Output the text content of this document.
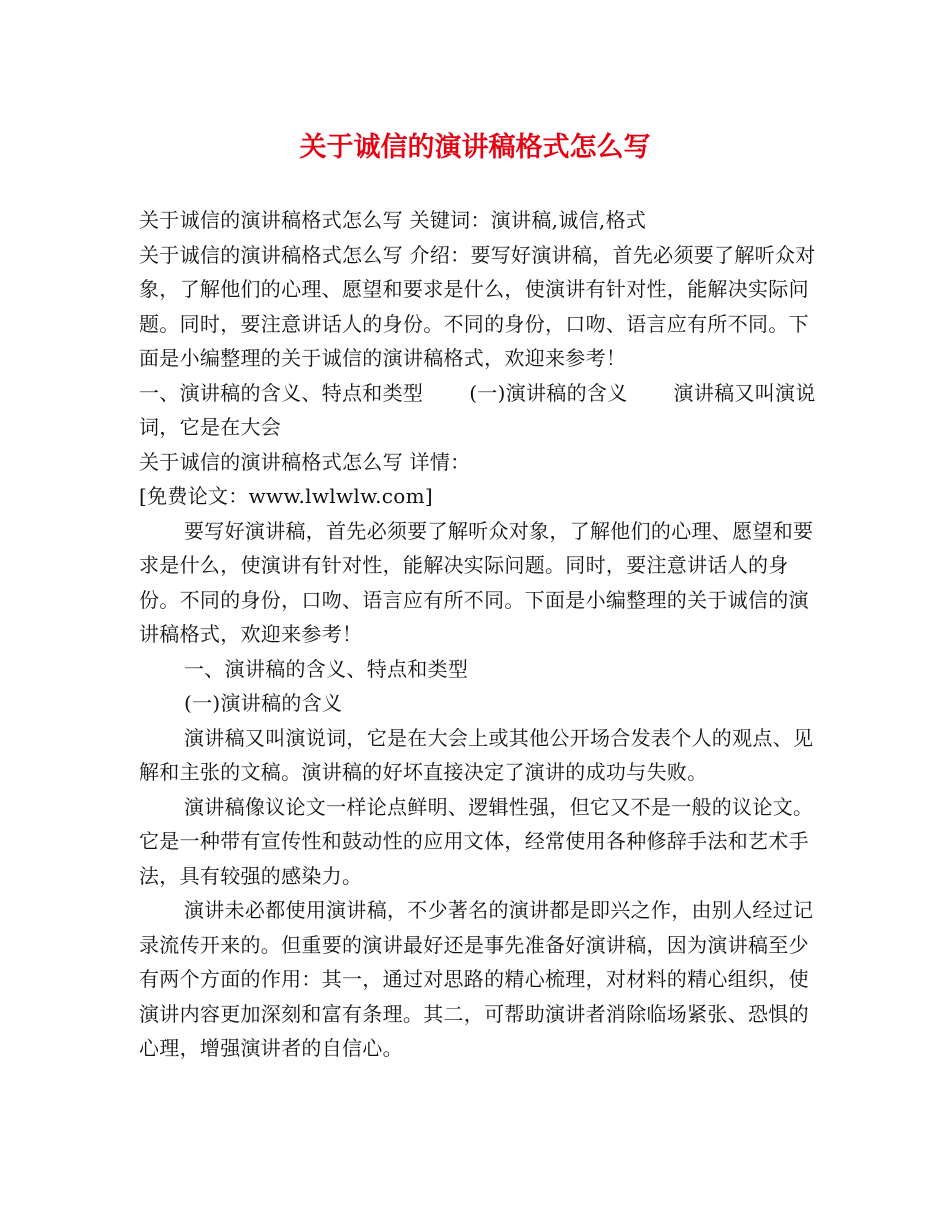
关于诚信的演讲稿格式怎么写

关于诚信的演讲稿格式怎么写 关键词：演讲稿,诚信,格式

关于诚信的演讲稿格式怎么写 介绍：要写好演讲稿，首先必须要了解听众对象，了解他们的心理、愿望和要求是什么，使演讲有针对性，能解决实际问题。同时，要注意讲话人的身份。不同的身份，口吻、语言应有所不同。下面是小编整理的关于诚信的演讲稿格式，欢迎来参考！

一、演讲稿的含义、特点和类型 (一)演讲稿的含义 演讲稿又叫演说词，它是在大会

关于诚信的演讲稿格式怎么写 详情：

[免费论文：www.lwlwlw.com]

要写好演讲稿，首先必须要了解听众对象，了解他们的心理、愿望和要求是什么，使演讲有针对性，能解决实际问题。同时，要注意讲话人的身份。不同的身份，口吻、语言应有所不同。下面是小编整理的关于诚信的演讲稿格式，欢迎来参考！

一、演讲稿的含义、特点和类型

(一)演讲稿的含义

演讲稿又叫演说词，它是在大会上或其他公开场合发表个人的观点、见解和主张的文稿。演讲稿的好坏直接决定了演讲的成功与失败。

演讲稿像议论文一样论点鲜明、逻辑性强，但它又不是一般的议论文。它是一种带有宣传性和鼓动性的应用文体，经常使用各种修辞手法和艺术手法，具有较强的感染力。

演讲未必都使用演讲稿，不少著名的演讲都是即兴之作，由别人经过记录流传开来的。但重要的演讲最好还是事先准备好演讲稿，因为演讲稿至少有两个方面的作用：其一，通过对思路的精心梳理，对材料的精心组织，使演讲内容更加深刻和富有条理。其二，可帮助演讲者消除临场紧张、恐惧的心理，增强演讲者的自信心。
